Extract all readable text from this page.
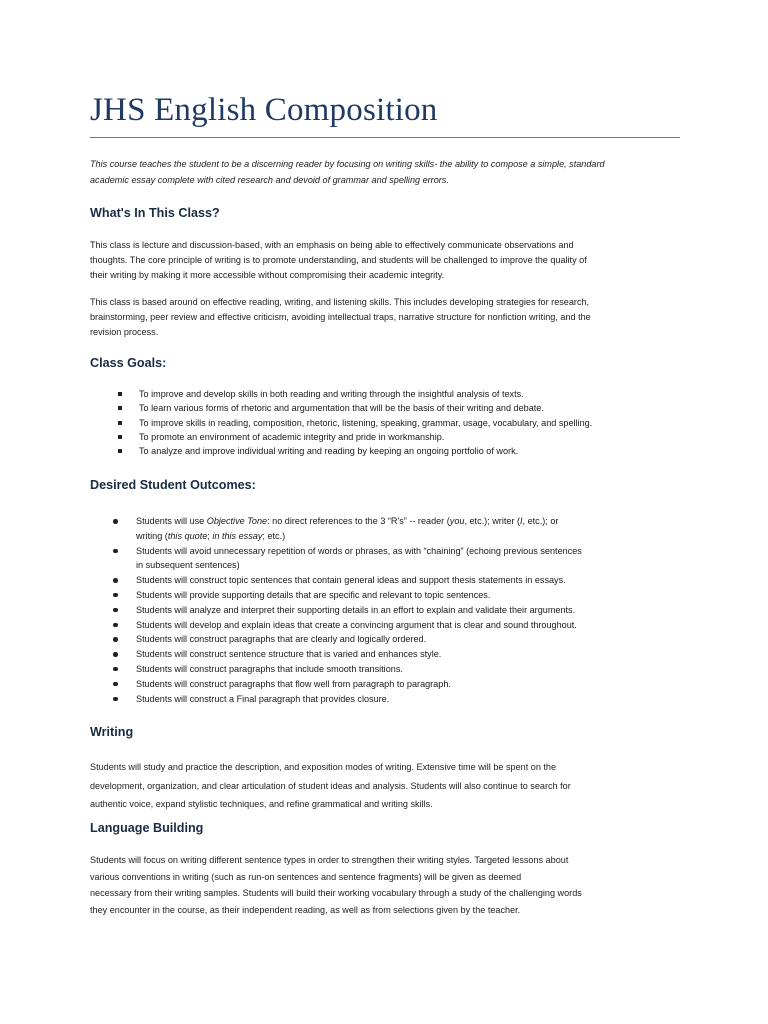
JHS English Composition
This course teaches the student to be a discerning reader by focusing on writing skills- the ability to compose a simple, standard
academic essay complete with cited research and devoid of grammar and spelling errors.
What's In This Class?
This class is lecture and discussion-based, with an emphasis on being able to effectively communicate observations and
thoughts. The core principle of writing is to promote understanding, and students will be challenged to improve the quality of
their writing by making it more accessible without compromising their academic integrity.
This class is based around on effective reading, writing, and listening skills. This includes developing strategies for research,
brainstorming, peer review and effective criticism, avoiding intellectual traps, narrative structure for nonfiction writing, and the
revision process.
Class Goals:
Desired Student Outcomes:
Writing
Students will study and practice the description, and exposition modes of writing. Extensive time will be spent on the
development, organization, and clear articulation of student ideas and analysis. Students will also continue to search for
authentic voice, expand stylistic techniques, and refine grammatical and writing skills.
Language Building
Students will focus on writing different sentence types in order to strengthen their writing styles. Targeted lessons about
various conventions in writing (such as run-on sentences and sentence fragments) will be given as deemed
necessary from their writing samples. Students will build their working vocabulary through a study of the challenging words
they encounter in the course, as their independent reading, as well as from selections given by the teacher.
To improve and develop skills in both reading and writing through the insightful analysis of texts.
To learn various forms of rhetoric and argumentation that will be the basis of their writing and debate.
To improve skills in reading, composition, rhetoric, listening, speaking, grammar, usage, vocabulary, and spelling.
To promote an environment of academic integrity and pride in workmanship.
To analyze and improve individual writing and reading by keeping an ongoing portfolio of work.
Students will use Objective Tone: no direct references to the 3 “R's” -- reader (you, etc.); writer (I, etc.); or
writing (this quote; in this essay; etc.)
Students will avoid unnecessary repetition of words or phrases, as with “chaining” (echoing previous sentences
in subsequent sentences)
Students will construct topic sentences that contain general ideas and support thesis statements in essays.
Students will provide supporting details that are specific and relevant to topic sentences.
Students will analyze and interpret their supporting details in an effort to explain and validate their arguments.
Students will develop and explain ideas that create a convincing argument that is clear and sound throughout.
Students will construct paragraphs that are clearly and logically ordered.
Students will construct sentence structure that is varied and enhances style.
Students will construct paragraphs that include smooth transitions.
Students will construct paragraphs that flow well from paragraph to paragraph.
Students will construct a Final paragraph that provides closure.
